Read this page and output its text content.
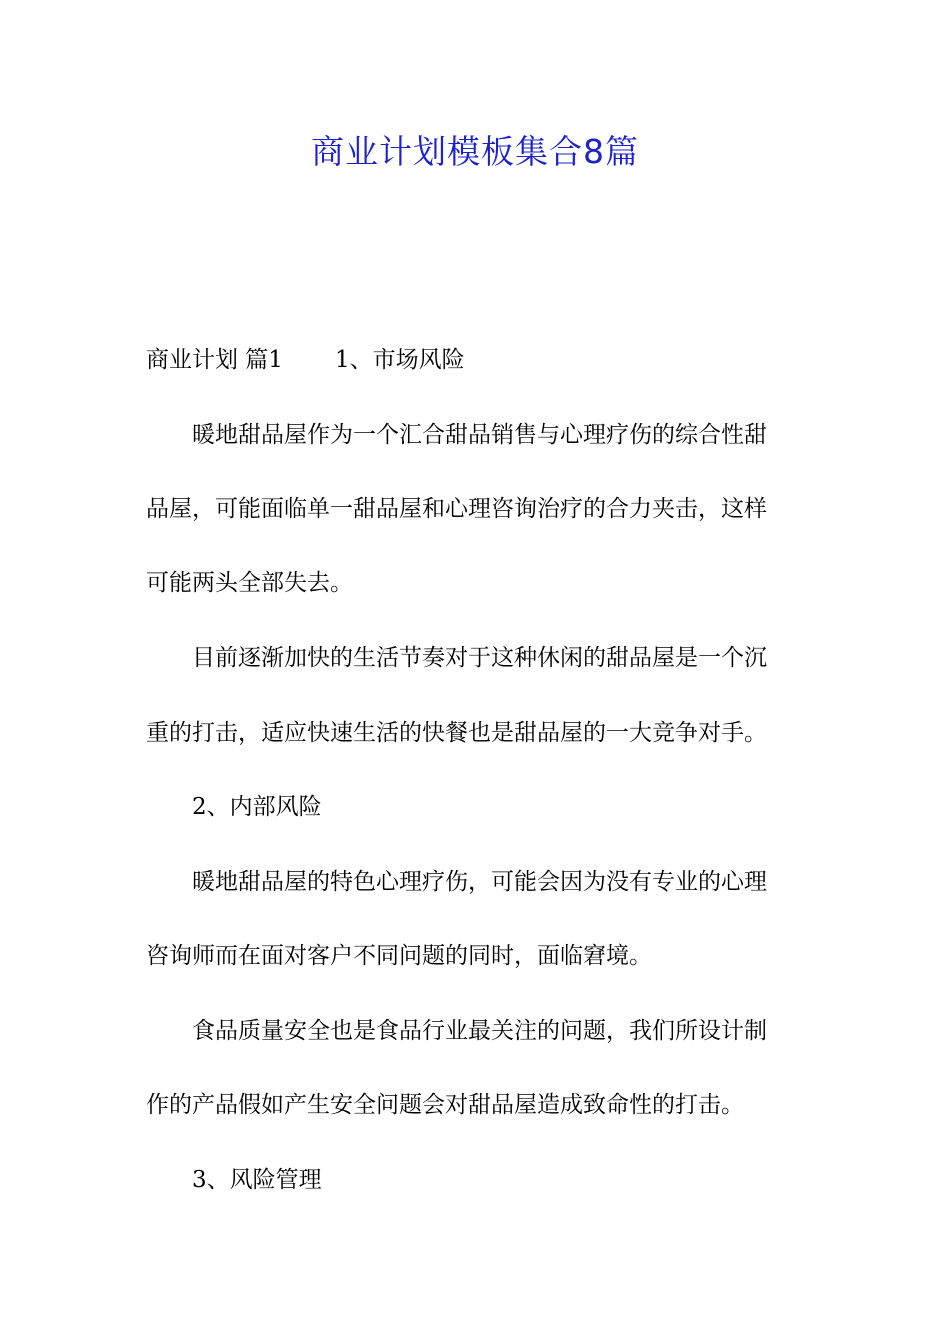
商业计划模板集合8篇

商业计划 篇1 1、市场风险

暖地甜品屋作为一个汇合甜品销售与心理疗伤的综合性甜

品屋，可能面临单一甜品屋和心理咨询治疗的合力夹击，这样

可能两头全部失去。

目前逐渐加快的生活节奏对于这种休闲的甜品屋是一个沉

重的打击，适应快速生活的快餐也是甜品屋的一大竞争对手。

2、内部风险

暖地甜品屋的特色心理疗伤，可能会因为没有专业的心理

咨询师而在面对客户不同问题的同时，面临窘境。

食品质量安全也是食品行业最关注的问题，我们所设计制

作的产品假如产生安全问题会对甜品屋造成致命性的打击。

3、风险管理
